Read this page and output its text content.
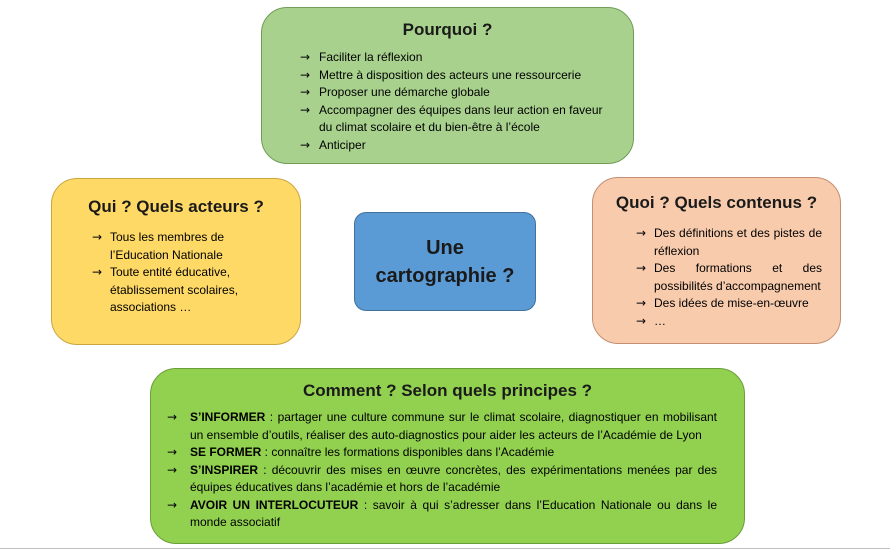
Pourquoi ?
→ Faciliter la réflexion
→ Mettre à disposition des acteurs une ressourcerie
→ Proposer une démarche globale
→ Accompagner des équipes dans leur action en faveur du climat scolaire et du bien-être à l’école
→ Anticiper
Qui ? Quels acteurs ?
→ Tous les membres de l’Education Nationale
→ Toute entité éducative, établissement scolaires, associations …
Une
cartographie ?
Quoi ? Quels contenus ?
→ Des définitions et des pistes de réflexion
→ Des formations et des possibilités d’accompagnement
→ Des idées de mise-en-œuvre
→ …
Comment ? Selon quels principes ?
→ S’INFORMER : partager une culture commune sur le climat scolaire, diagnostiquer en mobilisant un ensemble d’outils, réaliser des auto-diagnostics pour aider les acteurs de l’Académie de Lyon
→ SE FORMER : connaître les formations disponibles dans l’Académie
→ S’INSPIRER : découvrir des mises en œuvre concrètes, des expérimentations menées par des équipes éducatives dans l’académie et hors de l’académie
→ AVOIR UN INTERLOCUTEUR : savoir à qui s’adresser dans l’Education Nationale ou dans le monde associatif
